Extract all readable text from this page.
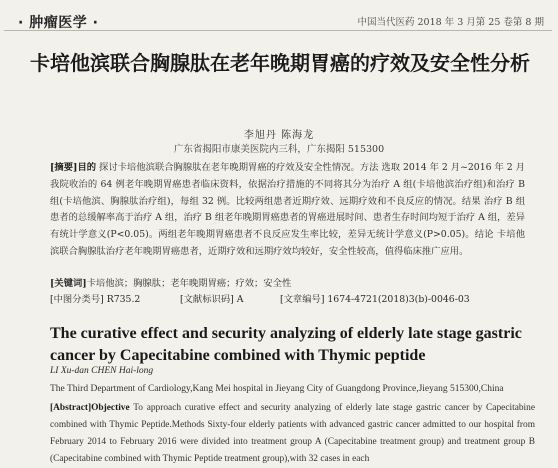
· 肿瘤医学 ·	中国当代医药 2018 年 3 月第 25 卷第 8 期
卡培他滨联合胸腺肽在老年晚期胃癌的疗效及安全性分析
李旭丹 陈海龙
广东省揭阳市康美医院内三科，广东揭阳 515300
[摘要]目的 探讨卡培他滨联合胸腺肽在老年晚期胃癌的疗效及安全性情况。方法 选取 2014 年 2 月~2016 年 2 月我院收治的 64 例老年晚期胃癌患者临床资料，依据治疗措施的不同将其分为治疗 A 组(卡培他滨治疗组)和治疗 B 组(卡培他滨、胸腺肽治疗组)，每组 32 例。比较两组患者近期疗效、远期疗效和不良反应的情况。结果 治疗 B 组患者的总缓解率高于治疗 A 组，治疗 B 组老年晚期胃癌患者的胃癌进展时间、患者生存时间均短于治疗 A 组，差异有统计学意义(P<0.05)。两组老年晚期胃癌患者不良反应发生率比较，差异无统计学意义(P>0.05)。结论 卡培他滨联合胸腺肽治疗老年晚期胃癌患者，近期疗效和远期疗效均较好，安全性较高，值得临床推广应用。
[关键词]卡培他滨；胸腺肽；老年晚期胃癌；疗效；安全性
[中图分类号] R735.2	[文献标识码] A	[文章编号] 1674-4721(2018)3(b)-0046-03
The curative effect and security analyzing of elderly late stage gastric cancer by Capecitabine combined with Thymic peptide
LI Xu-dan CHEN Hai-long
The Third Department of Cardiology,Kang Mei hospital in Jieyang City of Guangdong Province,Jieyang 515300,China
[Abstract]Objective To approach curative effect and security analyzing of elderly late stage gastric cancer by Capecitabine combined with Thymic Peptide.Methods Sixty-four elderly patients with advanced gastric cancer admitted to our hospital from February 2014 to February 2016 were divided into treatment group A (Capecitabine treatment group) and treatment group B (Capecitabine combined with Thymic Peptide treatment group),with 32 cases in each
